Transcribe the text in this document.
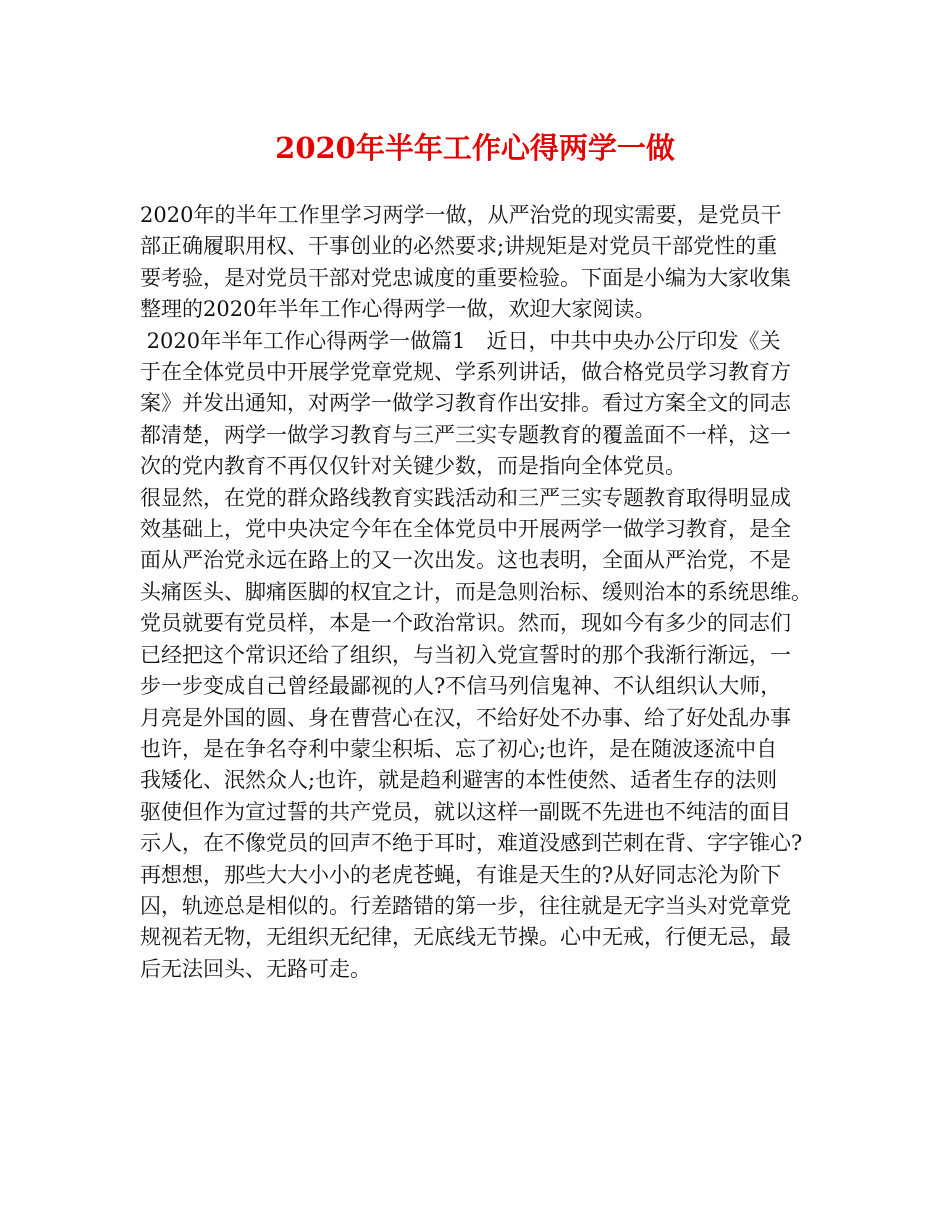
2020年半年工作心得两学一做
2020年的半年工作里学习两学一做，从严治党的现实需要，是党员干
部正确履职用权、干事创业的必然要求;讲规矩是对党员干部党性的重
要考验，是对党员干部对党忠诚度的重要检验。下面是小编为大家收集
整理的2020年半年工作心得两学一做，欢迎大家阅读。
2020年半年工作心得两学一做篇1　近日，中共中央办公厅印发《关
于在全体党员中开展学党章党规、学系列讲话，做合格党员学习教育方
案》并发出通知，对两学一做学习教育作出安排。看过方案全文的同志
都清楚，两学一做学习教育与三严三实专题教育的覆盖面不一样，这一
次的党内教育不再仅仅针对关键少数，而是指向全体党员。
很显然，在党的群众路线教育实践活动和三严三实专题教育取得明显成
效基础上，党中央决定今年在全体党员中开展两学一做学习教育，是全
面从严治党永远在路上的又一次出发。这也表明，全面从严治党，不是
头痛医头、脚痛医脚的权宜之计，而是急则治标、缓则治本的系统思维。
党员就要有党员样，本是一个政治常识。然而，现如今有多少的同志们
已经把这个常识还给了组织，与当初入党宣誓时的那个我渐行渐远，一
步一步变成自己曾经最鄙视的人?不信马列信鬼神、不认组织认大师，
月亮是外国的圆、身在曹营心在汉，不给好处不办事、给了好处乱办事
也许，是在争名夺利中蒙尘积垢、忘了初心;也许，是在随波逐流中自
我矮化、泯然众人;也许，就是趋利避害的本性使然、适者生存的法则
驱使但作为宣过誓的共产党员，就以这样一副既不先进也不纯洁的面目
示人，在不像党员的回声不绝于耳时，难道没感到芒刺在背、字字锥心?
再想想，那些大大小小的老虎苍蝇，有谁是天生的?从好同志沦为阶下
囚，轨迹总是相似的。行差踏错的第一步，往往就是无字当头对党章党
规视若无物，无组织无纪律，无底线无节操。心中无戒，行便无忌，最
后无法回头、无路可走。
